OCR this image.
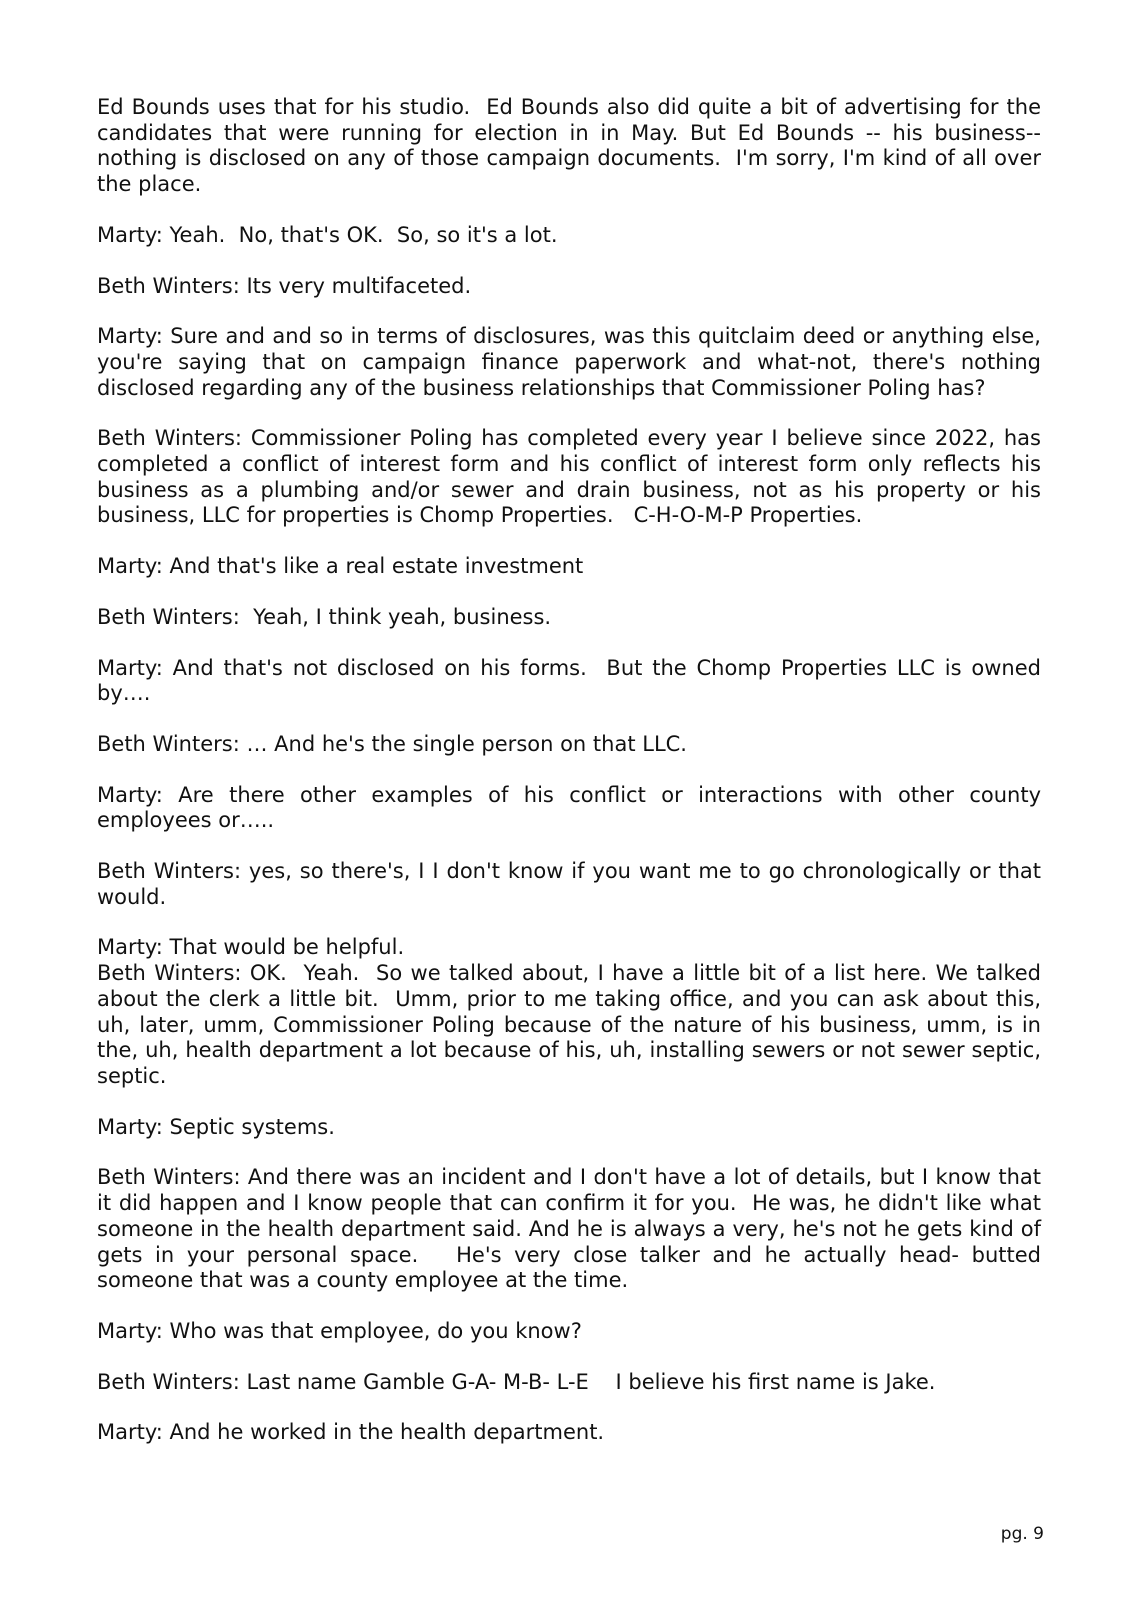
Ed Bounds uses that for his studio.  Ed Bounds also did quite a bit of advertising for the candidates that were running for election in in May. But Ed Bounds -- his business-- nothing is disclosed on any of those campaign documents.  I'm sorry, I'm kind of all over the place.

Marty: Yeah.  No, that's OK.  So, so it's a lot.

Beth Winters: Its very multifaceted.

Marty: Sure and and so in terms of disclosures, was this quitclaim deed or anything else, you're saying that on campaign finance paperwork and what-not, there's nothing disclosed regarding any of the business relationships that Commissioner Poling has?

Beth Winters: Commissioner Poling has completed every year I believe since 2022, has completed a conflict of interest form and his conflict of interest form only reflects his business as a plumbing and/or sewer and drain business, not as his property or his business, LLC for properties is Chomp Properties.   C-H-O-M-P Properties.

Marty: And that's like a real estate investment

Beth Winters:  Yeah, I think yeah, business.

Marty: And that's not disclosed on his forms.  But the Chomp Properties LLC is owned by….

Beth Winters: … And he's the single person on that LLC.

Marty: Are there other examples of his conflict or interactions with other county employees or…..

Beth Winters: yes, so there's, I I don't know if you want me to go chronologically or that would.

Marty: That would be helpful.

Beth Winters: OK.  Yeah.  So we talked about, I have a little bit of a list here. We talked about the clerk a little bit.  Umm, prior to me taking office, and you can ask about this, uh, later, umm, Commissioner Poling because of the nature of his business, umm, is in the, uh, health department a lot because of his, uh, installing sewers or not sewer septic, septic.

Marty: Septic systems.

Beth Winters: And there was an incident and I don't have a lot of details, but I know that it did happen and I know people that can confirm it for you.  He was, he didn't like what someone in the health department said. And he is always a very, he's not he gets kind of gets in your personal space.   He's very close talker and he actually head- butted someone that was a county employee at the time.

Marty: Who was that employee, do you know?

Beth Winters: Last name Gamble G-A- M-B- L-E    I believe his first name is Jake.

Marty: And he worked in the health department.

pg. 9
